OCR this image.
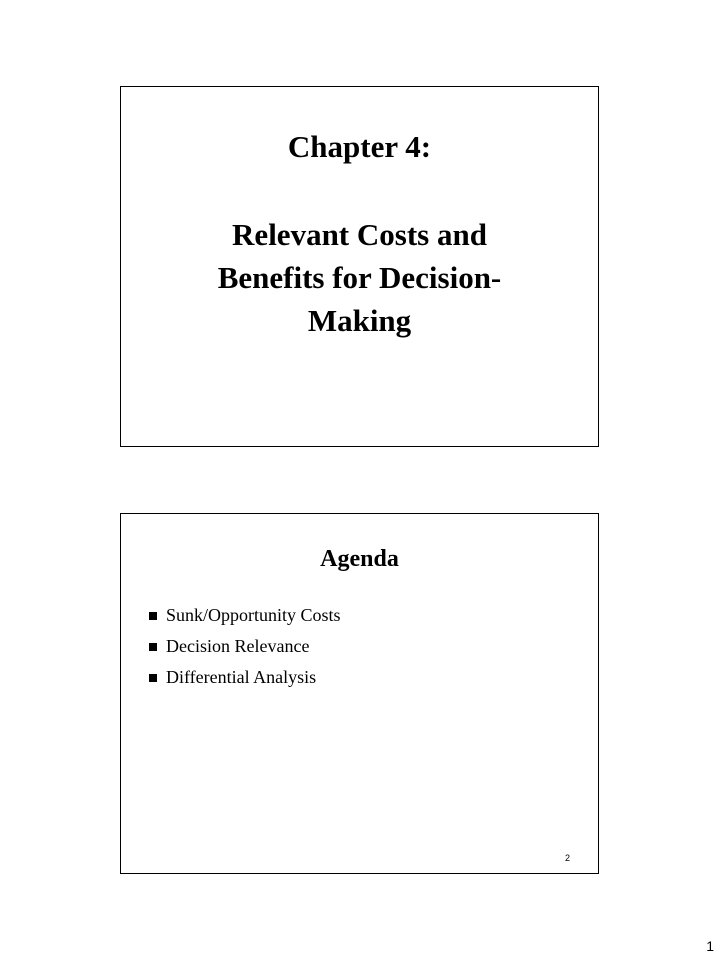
Chapter 4:
Relevant Costs and
Benefits for Decision-
Making
Agenda
Sunk/Opportunity Costs
Decision Relevance
Differential Analysis
2
1
